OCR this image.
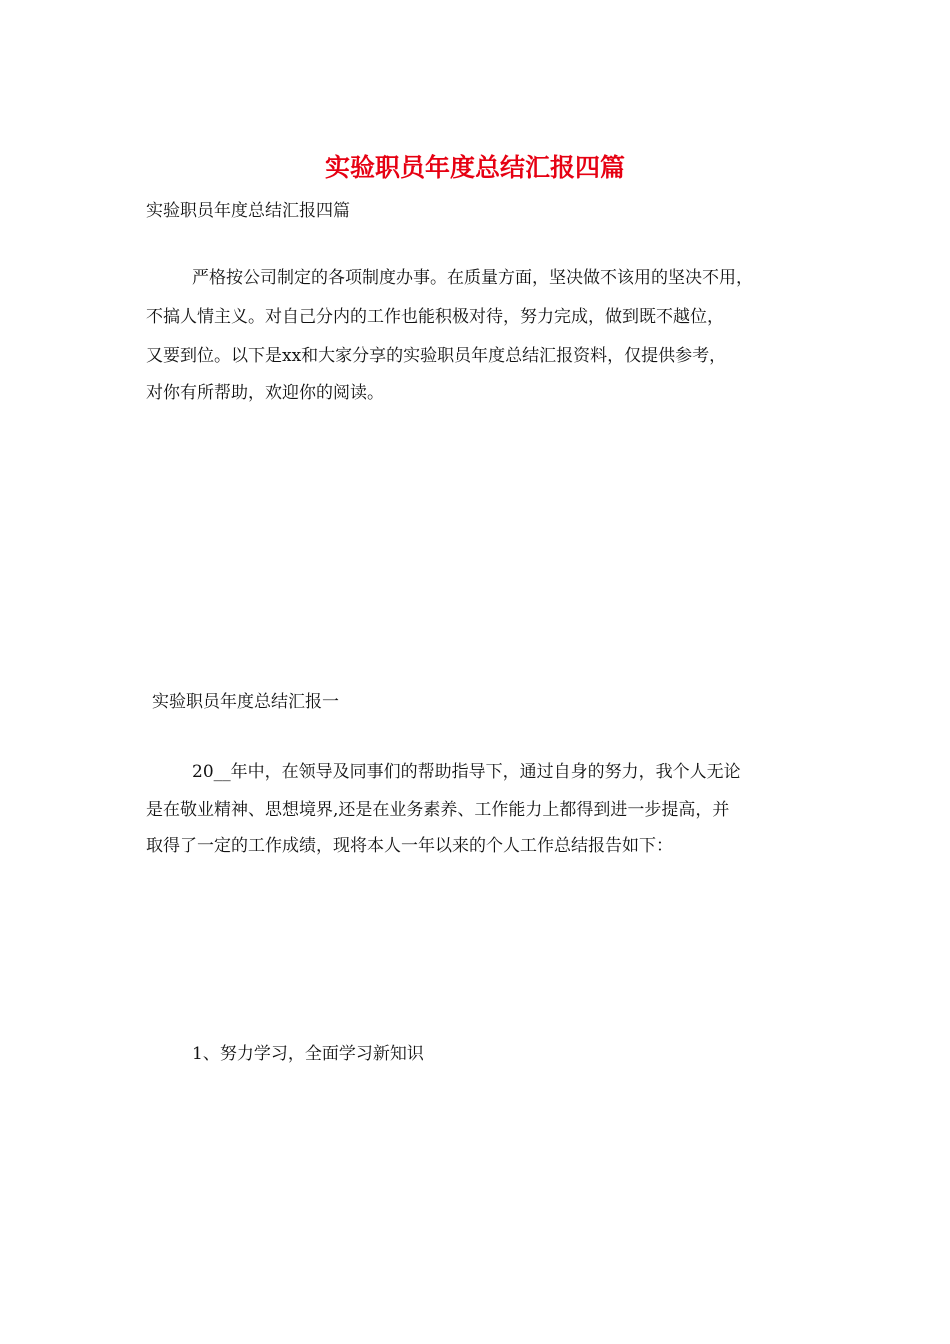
实验职员年度总结汇报四篇
实验职员年度总结汇报四篇
严格按公司制定的各项制度办事。在质量方面，坚决做不该用的坚决不用，
不搞人情主义。对自己分内的工作也能积极对待，努力完成，做到既不越位，
又要到位。以下是xx和大家分享的实验职员年度总结汇报资料，仅提供参考，
对你有所帮助，欢迎你的阅读。
实验职员年度总结汇报一
20__年中，在领导及同事们的帮助指导下，通过自身的努力，我个人无论
是在敬业精神、思想境界,还是在业务素养、工作能力上都得到进一步提高，并
取得了一定的工作成绩，现将本人一年以来的个人工作总结报告如下：
1、努力学习，全面学习新知识
